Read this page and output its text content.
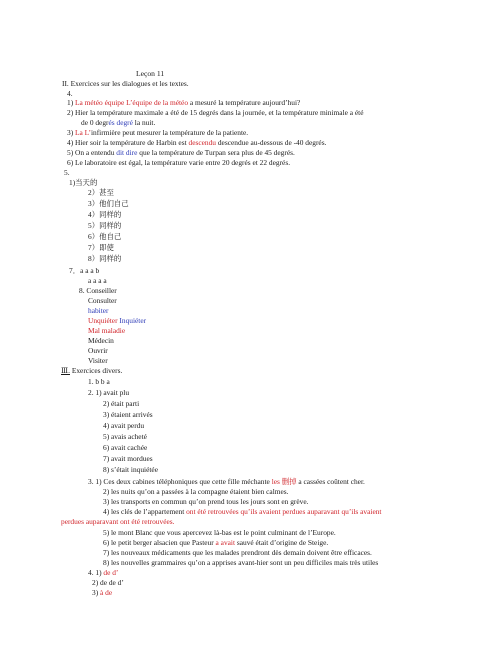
Leçon 11
II. Exercices sur les dialogues et les textes.
4.
1) La météo équipe L’équipe de la météo a mesuré la température aujourd’hui?
2) Hier la température maximale a été de 15 degrés dans la journée, et la température minimale a été
de 0 degrés degré la nuit.
3) La L’infirmière peut mesurer la température de la patiente.
4) Hier soir la température de Harbin est descendu descendue au-dessous de -40 degrés.
5) On a entendu dit dire que la température de Turpan sera plus de 45 degrés.
6) Le laboratoire est égal, la température varie entre 20 degrés et 22 degrés.
5.
1)当天的
2）甚至
3）他们自己
4）同样的
5）同样的
6）他自己
7）即使
8）同样的
7．a a a b
a a a a
8. Conseiller
Consulter
habiter
Unquiéter Inquiéter
Mal maladie
Médecin
Ouvrir
Visiter
Ⅲ. Exercices divers.
1. b b a
2. 1) avait plu
2) était parti
3) étaient arrivés
4) avait perdu
5) avais acheté
6) avait cachée
7) avait mordues
8) s’était inquiétée
3. 1) Ces deux cabines téléphoniques que cette fille méchante les 删掉 a cassées coûtent cher.
2) les nuits qu’on a passées à la compagne étaient bien calmes.
3) les transports en commun qu’on prend tous les jours sont en grève.
4) les clés de l’appartement ont été retrouvées qu’ils avaient perdues auparavant qu’ils avaient
perdues auparavant ont été retrouvées.
5) le mont Blanc que vous apercevez là-bas est le point culminant de l’Europe.
6) le petit berger alsacien que Pasteur a avait sauvé était d’origine de Steige.
7) les nouveaux médicaments que les malades prendront dès demain doivent être efficaces.
8) les nouvelles grammaires qu’on a apprises avant-hier sont un peu difficiles mais très utiles
4. 1) de d’
2) de de d’
3) à de
